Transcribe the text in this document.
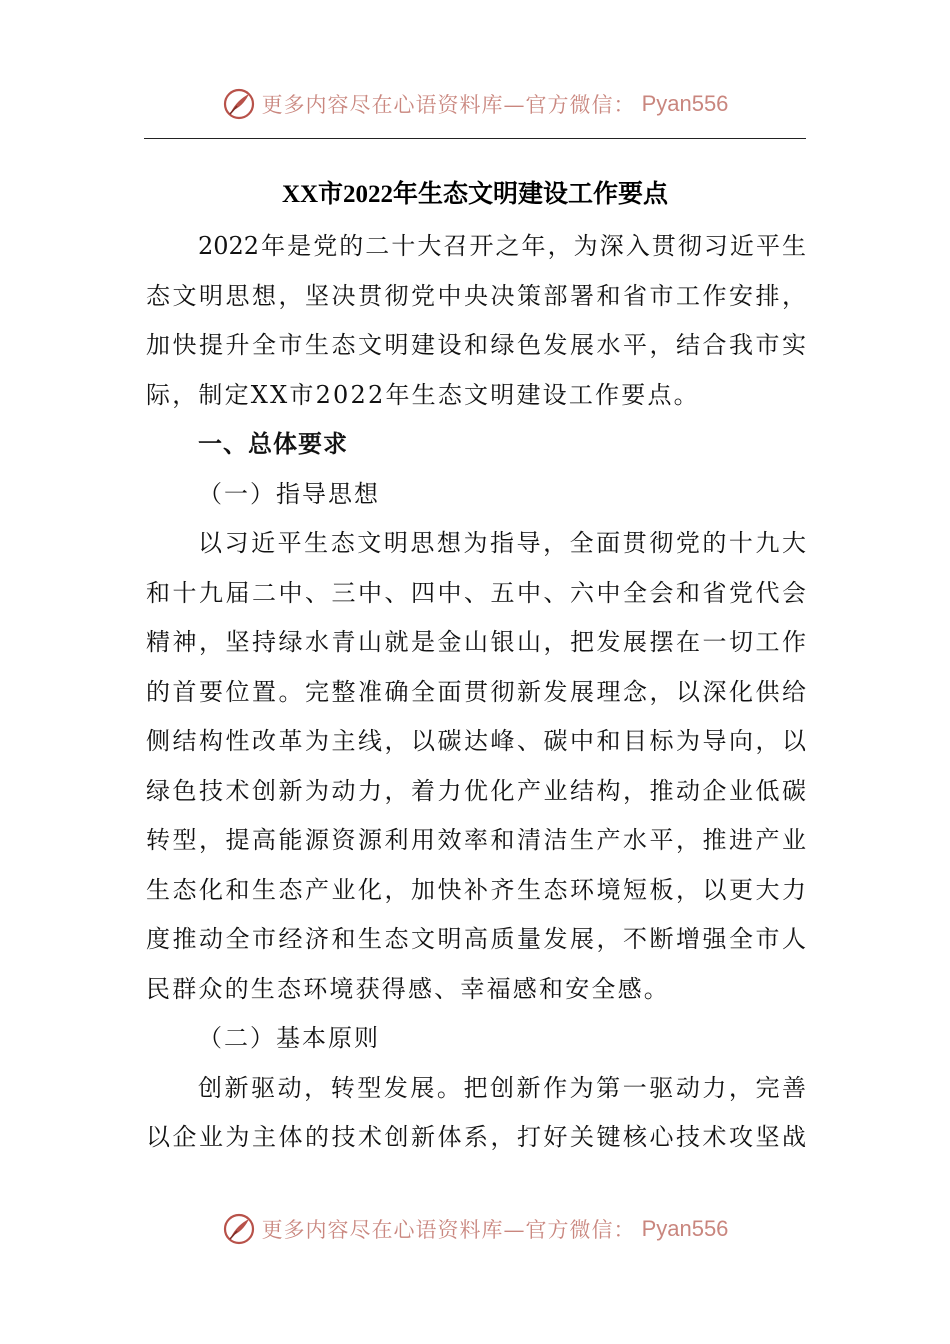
更多内容尽在心语资料库—官方微信： Pyan556
XX市2022年生态文明建设工作要点

2022年是党的二十大召开之年，为深入贯彻习近平生

态文明思想，坚决贯彻党中央决策部署和省市工作安排，

加快提升全市生态文明建设和绿色发展水平，结合我市实

际，制定XX市2022年生态文明建设工作要点。

一、总体要求

（一）指导思想

以习近平生态文明思想为指导，全面贯彻党的十九大

和十九届二中、三中、四中、五中、六中全会和省党代会

精神，坚持绿水青山就是金山银山，把发展摆在一切工作

的首要位置。完整准确全面贯彻新发展理念，以深化供给

侧结构性改革为主线，以碳达峰、碳中和目标为导向，以

绿色技术创新为动力，着力优化产业结构，推动企业低碳

转型，提高能源资源利用效率和清洁生产水平，推进产业

生态化和生态产业化，加快补齐生态环境短板，以更大力

度推动全市经济和生态文明高质量发展，不断增强全市人

民群众的生态环境获得感、幸福感和安全感。

（二）基本原则

创新驱动，转型发展。把创新作为第一驱动力，完善

以企业为主体的技术创新体系，打好关键核心技术攻坚战

更多内容尽在心语资料库—官方微信： Pyan556
